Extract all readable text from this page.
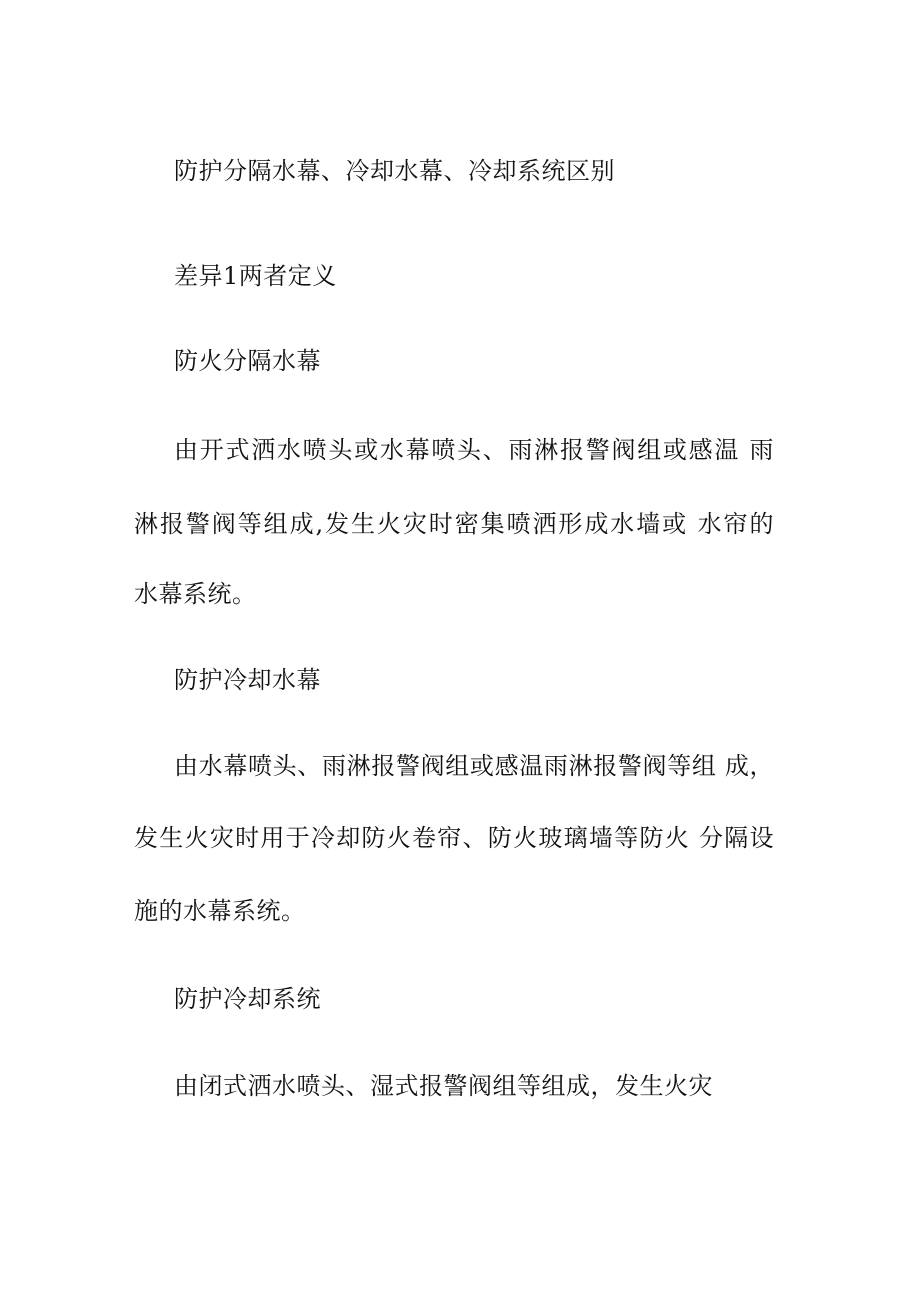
防护分隔水幕、冷却水幕、冷却系统区别

差异1两者定义

防火分隔水幕

由开式洒水喷头或水幕喷头、雨淋报警阀组或感温 雨

淋报警阀等组成,发生火灾时密集喷洒形成水墙或 水帘的

水幕系统。

防护冷却水幕

由水幕喷头、雨淋报警阀组或感温雨淋报警阀等组 成，

发生火灾时用于冷却防火卷帘、防火玻璃墙等防火 分隔设

施的水幕系统。

防护冷却系统

由闭式洒水喷头、湿式报警阀组等组成，发生火灾
